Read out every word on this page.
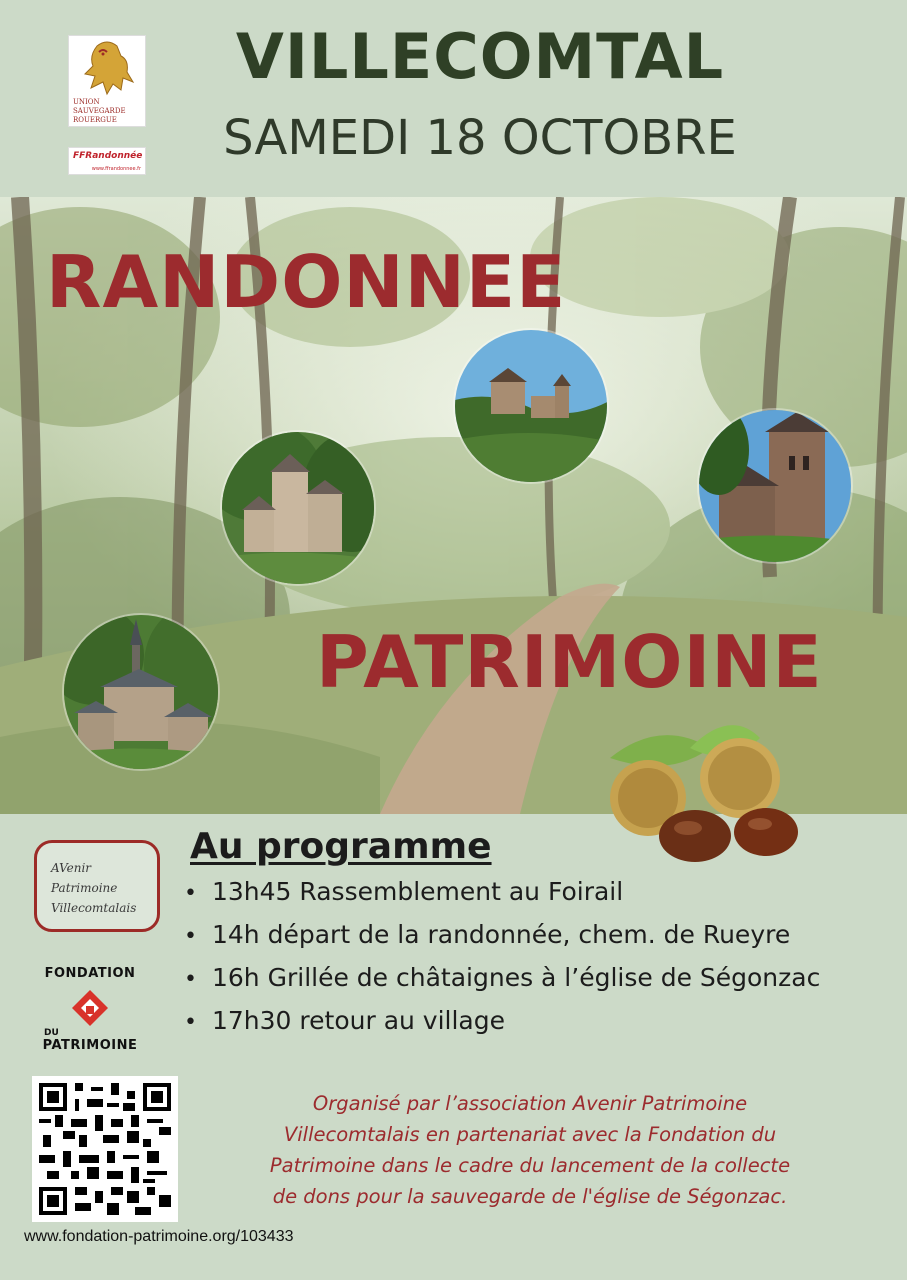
UNION
SAUVEGARDE
ROUERGUE
FFRandonnée
www.ffrandonnee.fr
VILLECOMTAL
SAMEDI 18 OCTOBRE
RANDONNEE
PATRIMOINE
AVenir
Patrimoine
Villecomtalais
FONDATION
DU
PATRIMOINE
Au programme
• 13h45 Rassemblement au Foirail
• 14h départ de la randonnée, chem. de Rueyre
• 16h Grillée de châtaignes à l’église de Ségonzac
• 17h30 retour au village
www.fondation-patrimoine.org/103433
Organisé par l’association Avenir Patrimoine
Villecomtalais en partenariat avec la Fondation du
Patrimoine dans le cadre du lancement de la collecte
de dons pour la sauvegarde de l'église de Ségonzac.
